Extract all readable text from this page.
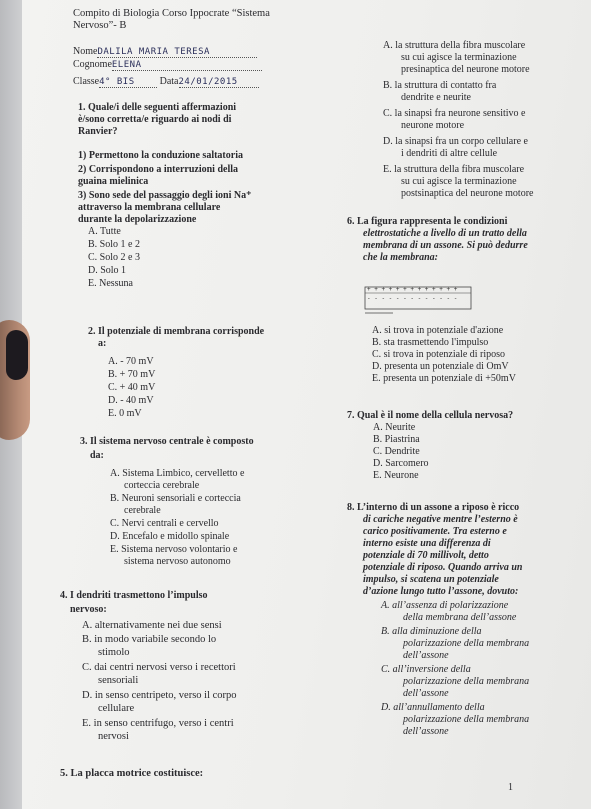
Compito di Biologia Corso Ippocrate “Sistema

Nervoso”- B

NomeDALILA MARIA TERESA
CognomeELENA
Classe4° BIS Data24/01/2015

1. Quale/i delle seguenti affermazioni

è/sono corretta/e riguardo ai nodi di

Ranvier?

1) Permettono la conduzione saltatoria

2) Corrispondono a interruzioni della

guaina mielinica

3) Sono sede del passaggio degli ioni Na⁺

attraverso la membrana cellulare

durante la depolarizzazione

A. Tutte

B. Solo 1 e 2

C. Solo 2 e 3

D. Solo 1

E. Nessuna

2. Il potenziale di membrana corrisponde

a:

A. - 70 mV

B. + 70 mV

C. + 40 mV

D. - 40 mV

E. 0 mV

3. Il sistema nervoso centrale è composto

da:

A. Sistema Limbico, cervelletto e

corteccia cerebrale

B. Neuroni sensoriali e corteccia

cerebrale

C. Nervi centrali e cervello

D. Encefalo e midollo spinale

E. Sistema nervoso volontario e

sistema nervoso autonomo

4. I dendriti trasmettono l’impulso

nervoso:

A. alternativamente nei due sensi

B. in modo variabile secondo lo

stimolo

C. dai centri nervosi verso i recettori

sensoriali

D. in senso centripeto, verso il corpo

cellulare

E. in senso centrifugo, verso i centri

nervosi

5. La placca motrice costituisce:

A. la struttura della fibra muscolare

su cui agisce la terminazione

presinaptica del neurone motore

B. la struttura di contatto fra

dendrite e neurite

C. la sinapsi fra neurone sensitivo e

neurone motore

D. la sinapsi fra un corpo cellulare e

i dendriti di altre cellule

E. la struttura della fibra muscolare

su cui agisce la terminazione

postsinaptica del neurone motore

6. La figura rappresenta le condizioni

elettrostatiche a livello di un tratto della

membrana di un assone. Si può dedurre

che la membrana:

+ + + + + + + + + + + + +
- - - - - - - - - - - - -

A. si trova in potenziale d'azione

B. sta trasmettendo l'impulso

C. si trova in potenziale di riposo

D. presenta un potenziale di OmV

E. presenta un potenziale di +50mV

7. Qual è il nome della cellula nervosa?

A. Neurite

B. Piastrina

C. Dendrite

D. Sarcomero

E. Neurone

8. L’interno di un assone a riposo è ricco

di cariche negative mentre l’esterno è

carico positivamente. Tra esterno e

interno esiste una differenza di

potenziale di 70 millivolt, detto

potenziale di riposo. Quando arriva un

impulso, si scatena un potenziale

d’azione lungo tutto l’assone, dovuto:

A. all’assenza di polarizzazione

della membrana dell’assone

B. alla diminuzione della

polarizzazione della membrana

dell’assone

C. all’inversione della

polarizzazione della membrana

dell’assone

D. all’annullamento della

polarizzazione della membrana

dell’assone

1
